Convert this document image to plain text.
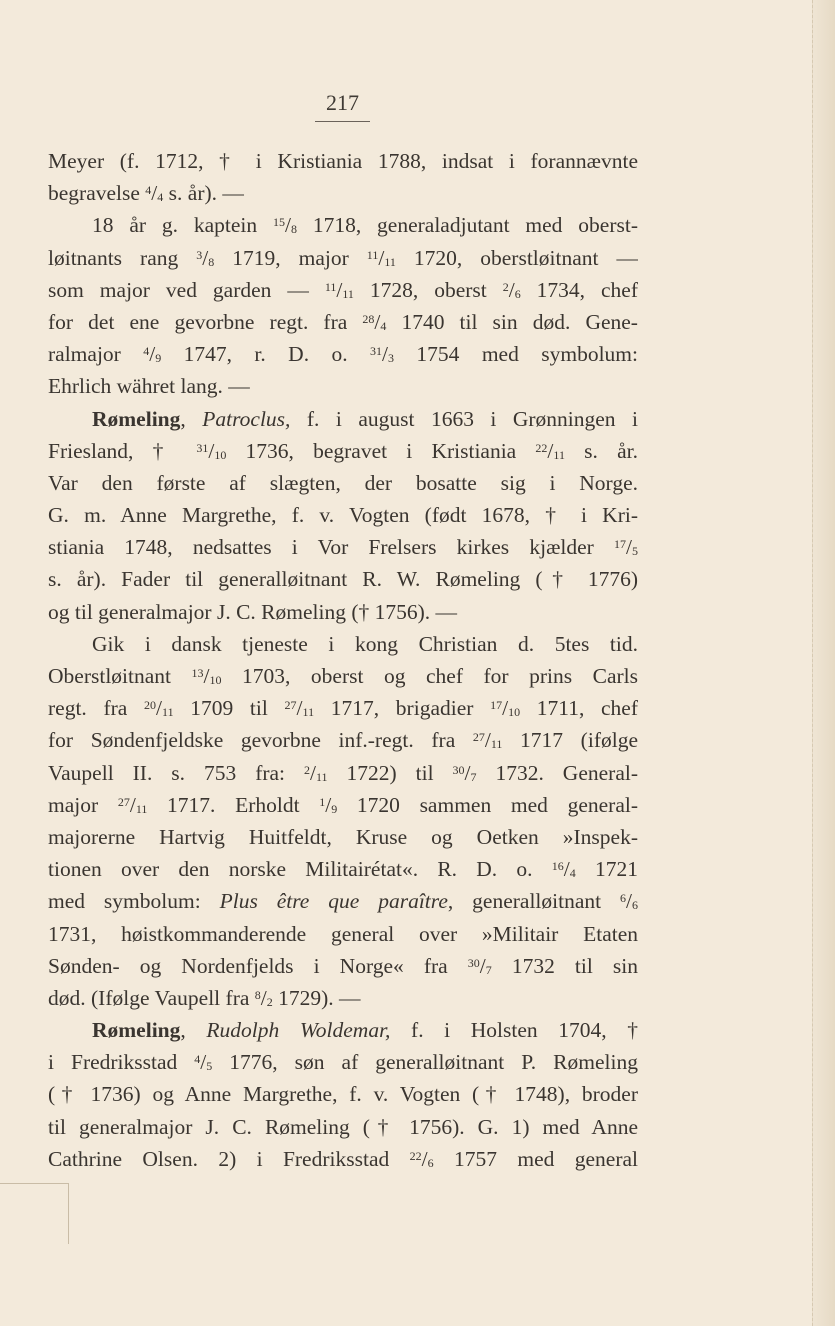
217
Meyer (f. 1712, † i Kristiania 1788, indsat i forannævnte
begravelse $^4/_4$ s. år). —
18 år g. kaptein $^{15}/_8$ 1718, generaladjutant med oberst-
løitnants rang $^3/_8$ 1719, major $^{11}/_{11}$ 1720, oberstløitnant —
som major ved garden — $^{11}/_{11}$ 1728, oberst $^2/_6$ 1734, chef
for det ene gevorbne regt. fra $^{28}/_4$ 1740 til sin død. Gene-
ralmajor $^4/_9$ 1747, r. D. o. $^{31}/_3$ 1754 med symbolum:
Ehrlich währet lang. —
Rømeling, Patroclus, f. i august 1663 i Grønningen i
Friesland, † $^{31}/_{10}$ 1736, begravet i Kristiania $^{22}/_{11}$ s. år.
Var den første af slægten, der bosatte sig i Norge.
G. m. Anne Margrethe, f. v. Vogten (født 1678, † i Kri-
stiania 1748, nedsattes i Vor Frelsers kirkes kjælder $^{17}/_5$
s. år). Fader til generalløitnant R. W. Rømeling († 1776)
og til generalmajor J. C. Rømeling († 1756). —
Gik i dansk tjeneste i kong Christian d. 5tes tid.
Oberstløitnant $^{13}/_{10}$ 1703, oberst og chef for prins Carls
regt. fra $^{20}/_{11}$ 1709 til $^{27}/_{11}$ 1717, brigadier $^{17}/_{10}$ 1711, chef
for Søndenfjeldske gevorbne inf.-regt. fra $^{27}/_{11}$ 1717 (ifølge
Vaupell II. s. 753 fra: $^2/_{11}$ 1722) til $^{30}/_7$ 1732. General-
major $^{27}/_{11}$ 1717. Erholdt $^1/_9$ 1720 sammen med general-
majorerne Hartvig Huitfeldt, Kruse og Oetken »Inspek-
tionen over den norske Militairétat«. R. D. o. $^{16}/_4$ 1721
med symbolum: Plus être que paraître, generalløitnant $^6/_6$
1731, høistkommanderende general over »Militair Etaten
Sønden- og Nordenfjelds i Norge« fra $^{30}/_7$ 1732 til sin
død. (Ifølge Vaupell fra $^8/_2$ 1729). —
Rømeling, Rudolph Woldemar, f. i Holsten 1704, †
i Fredriksstad $^4/_5$ 1776, søn af generalløitnant P. Rømeling
(† 1736) og Anne Margrethe, f. v. Vogten († 1748), broder
til generalmajor J. C. Rømeling († 1756). G. 1) med Anne
Cathrine Olsen. 2) i Fredriksstad $^{22}/_6$ 1757 med general
